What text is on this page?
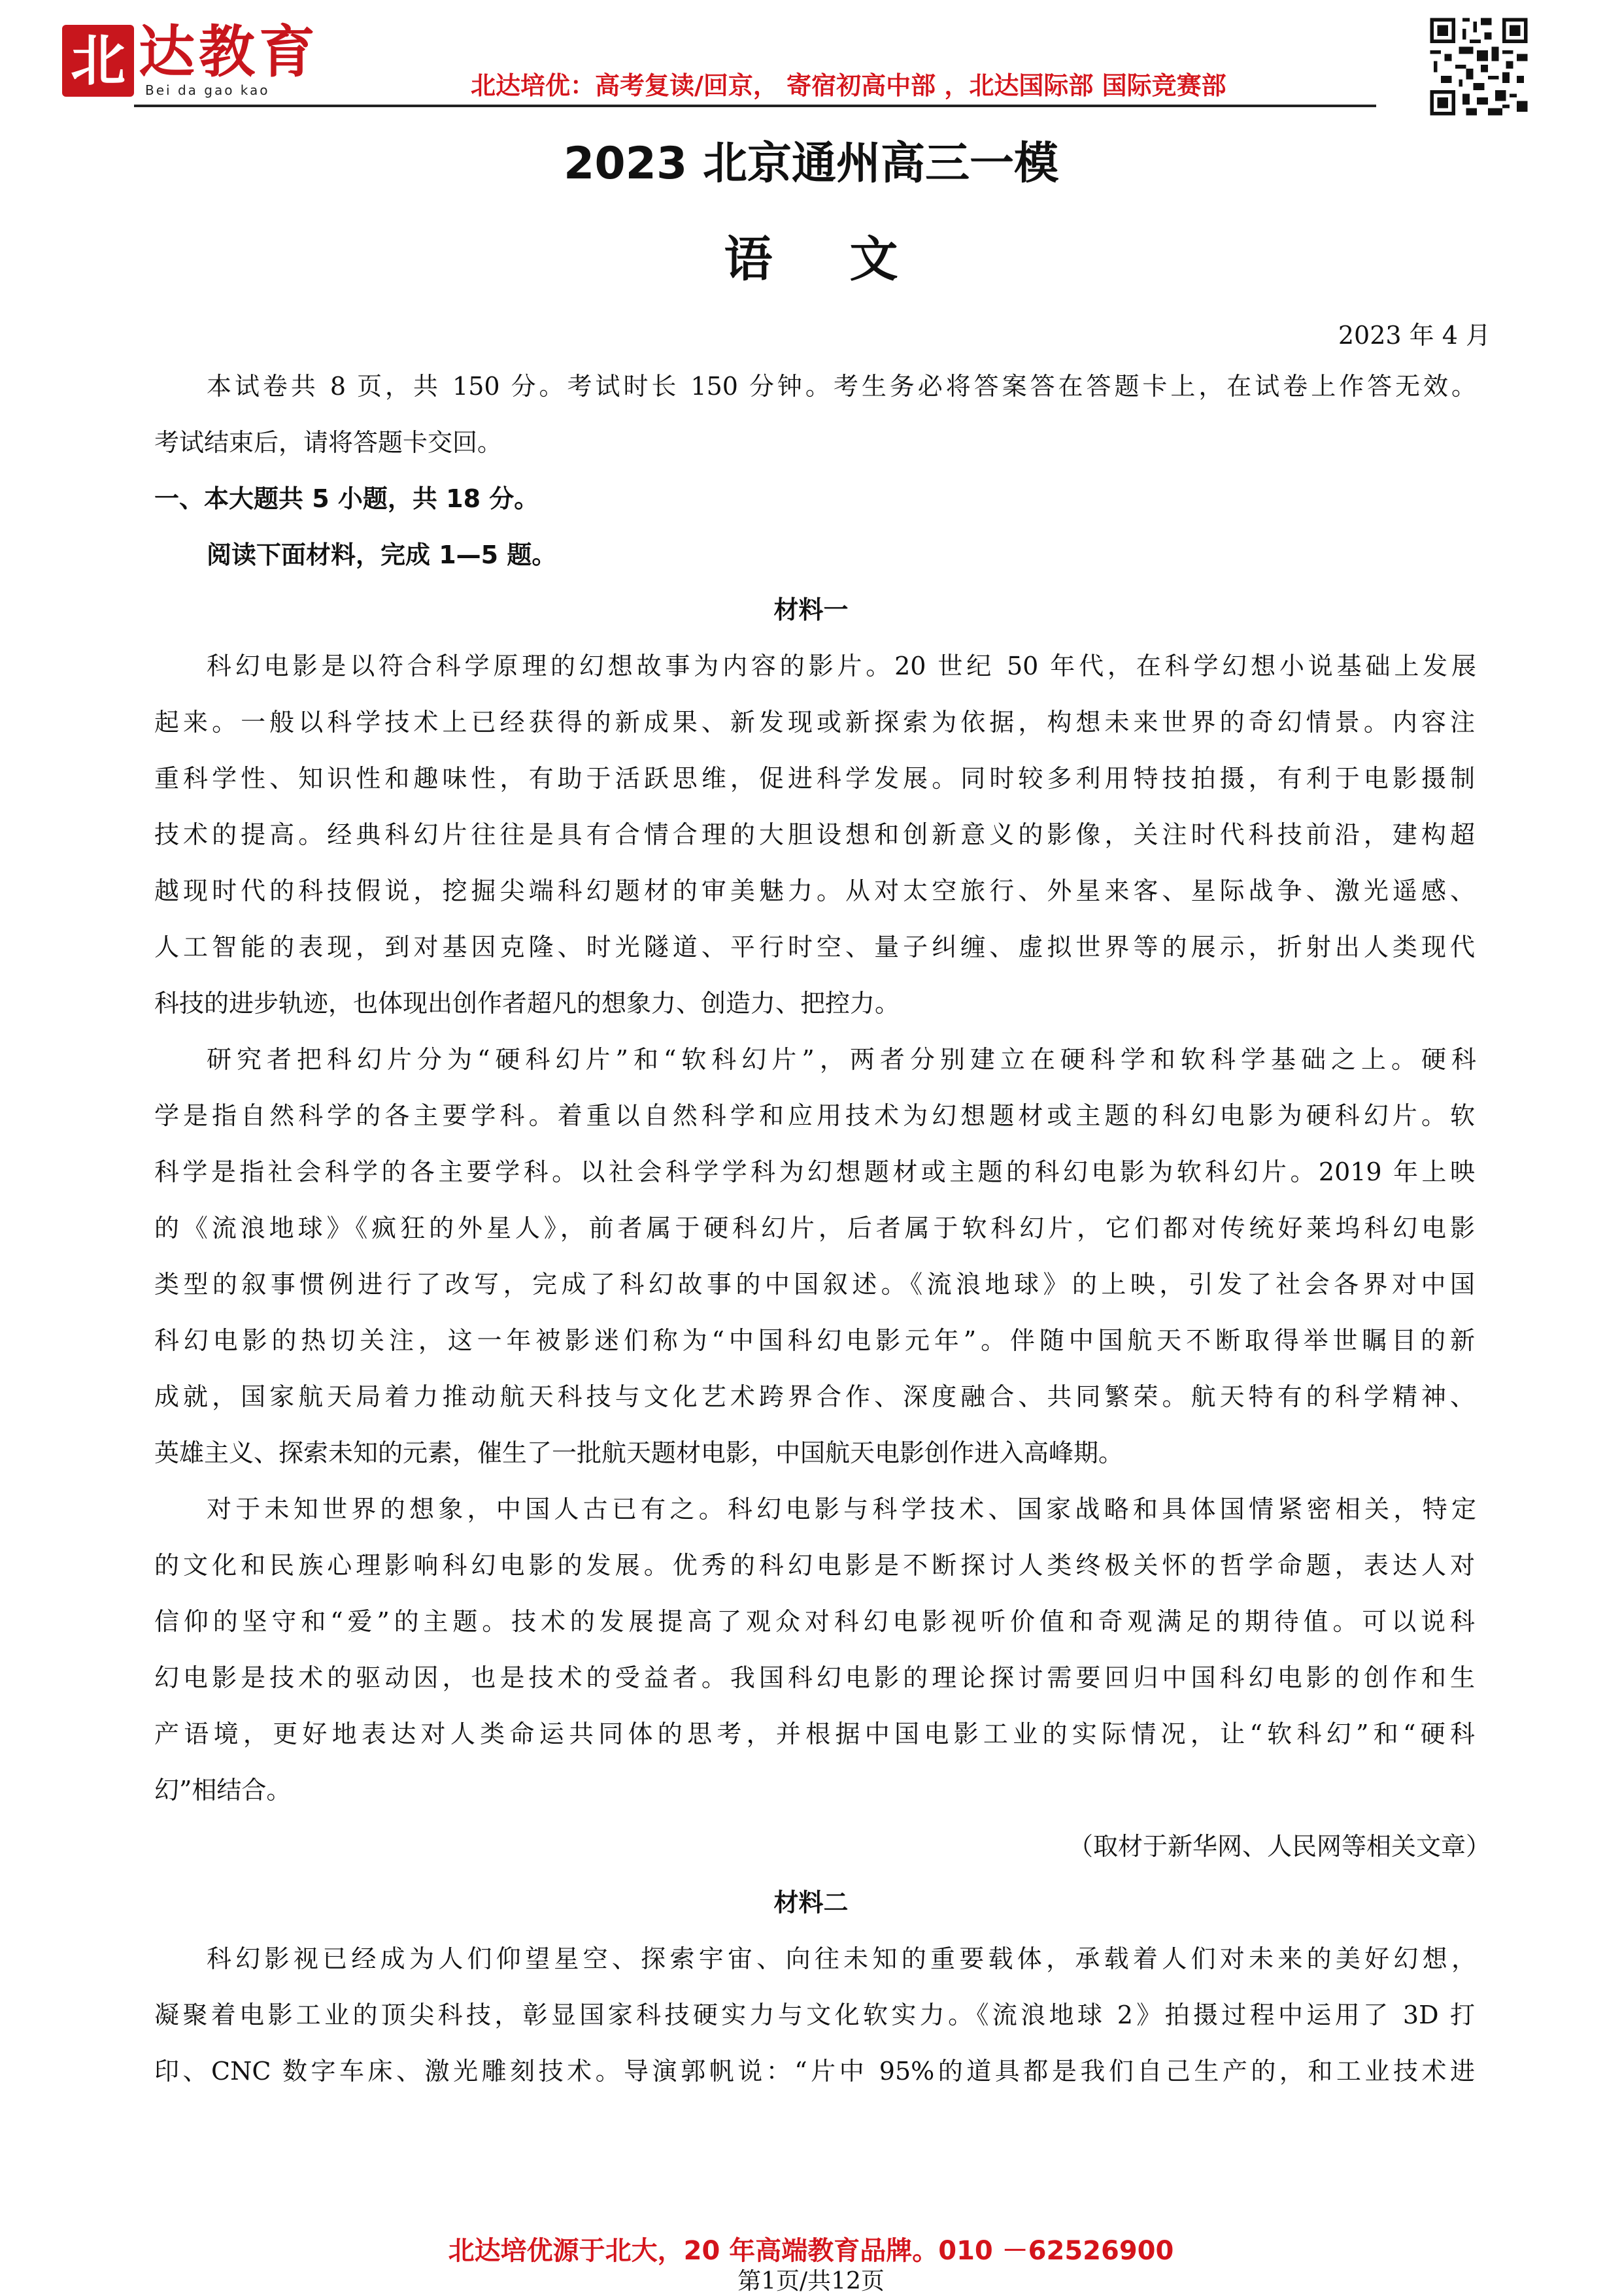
北 达教育
Bei da gao kao	北达培优：高考复读/回京， 寄宿初高中部 ，北达国际部 国际竞赛部
2023 北京通州高三一模
语文
2023 年 4 月
本试卷共 8 页，共 150 分。考试时长 150 分钟。考生务必将答案答在答题卡上，在试卷上作答无效。
考试结束后，请将答题卡交回。
一、本大题共 5 小题，共 18 分。
阅读下面材料，完成 1—5 题。
材料一
科幻电影是以符合科学原理的幻想故事为内容的影片。20 世纪 50 年代，在科学幻想小说基础上发展
起来。一般以科学技术上已经获得的新成果、新发现或新探索为依据，构想未来世界的奇幻情景。内容注
重科学性、知识性和趣味性，有助于活跃思维，促进科学发展。同时较多利用特技拍摄，有利于电影摄制
技术的提高。经典科幻片往往是具有合情合理的大胆设想和创新意义的影像，关注时代科技前沿，建构超
越现时代的科技假说，挖掘尖端科幻题材的审美魅力。从对太空旅行、外星来客、星际战争、激光遥感、
人工智能的表现，到对基因克隆、时光隧道、平行时空、量子纠缠、虚拟世界等的展示，折射出人类现代
科技的进步轨迹，也体现出创作者超凡的想象力、创造力、把控力。
研究者把科幻片分为“硬科幻片”和“软科幻片”，两者分别建立在硬科学和软科学基础之上。硬科
学是指自然科学的各主要学科。着重以自然科学和应用技术为幻想题材或主题的科幻电影为硬科幻片。软
科学是指社会科学的各主要学科。以社会科学学科为幻想题材或主题的科幻电影为软科幻片。2019 年上映
的《流浪地球》《疯狂的外星人》，前者属于硬科幻片，后者属于软科幻片，它们都对传统好莱坞科幻电影
类型的叙事惯例进行了改写，完成了科幻故事的中国叙述。《流浪地球》的上映，引发了社会各界对中国
科幻电影的热切关注，这一年被影迷们称为“中国科幻电影元年”。伴随中国航天不断取得举世瞩目的新
成就，国家航天局着力推动航天科技与文化艺术跨界合作、深度融合、共同繁荣。航天特有的科学精神、
英雄主义、探索未知的元素，催生了一批航天题材电影，中国航天电影创作进入高峰期。
对于未知世界的想象，中国人古已有之。科幻电影与科学技术、国家战略和具体国情紧密相关，特定
的文化和民族心理影响科幻电影的发展。优秀的科幻电影是不断探讨人类终极关怀的哲学命题，表达人对
信仰的坚守和“爱”的主题。技术的发展提高了观众对科幻电影视听价值和奇观满足的期待值。可以说科
幻电影是技术的驱动因，也是技术的受益者。我国科幻电影的理论探讨需要回归中国科幻电影的创作和生
产语境，更好地表达对人类命运共同体的思考，并根据中国电影工业的实际情况，让“软科幻”和“硬科
幻”相结合。
（取材于新华网、人民网等相关文章）
材料二
科幻影视已经成为人们仰望星空、探索宇宙、向往未知的重要载体，承载着人们对未来的美好幻想，
凝聚着电影工业的顶尖科技，彰显国家科技硬实力与文化软实力。《流浪地球 2》拍摄过程中运用了 3D 打
印、CNC 数字车床、激光雕刻技术。导演郭帆说：“片中 95%的道具都是我们自己生产的，和工业技术进
北达培优源于北大，20 年高端教育品牌。010 －62526900
第1页/共12页
